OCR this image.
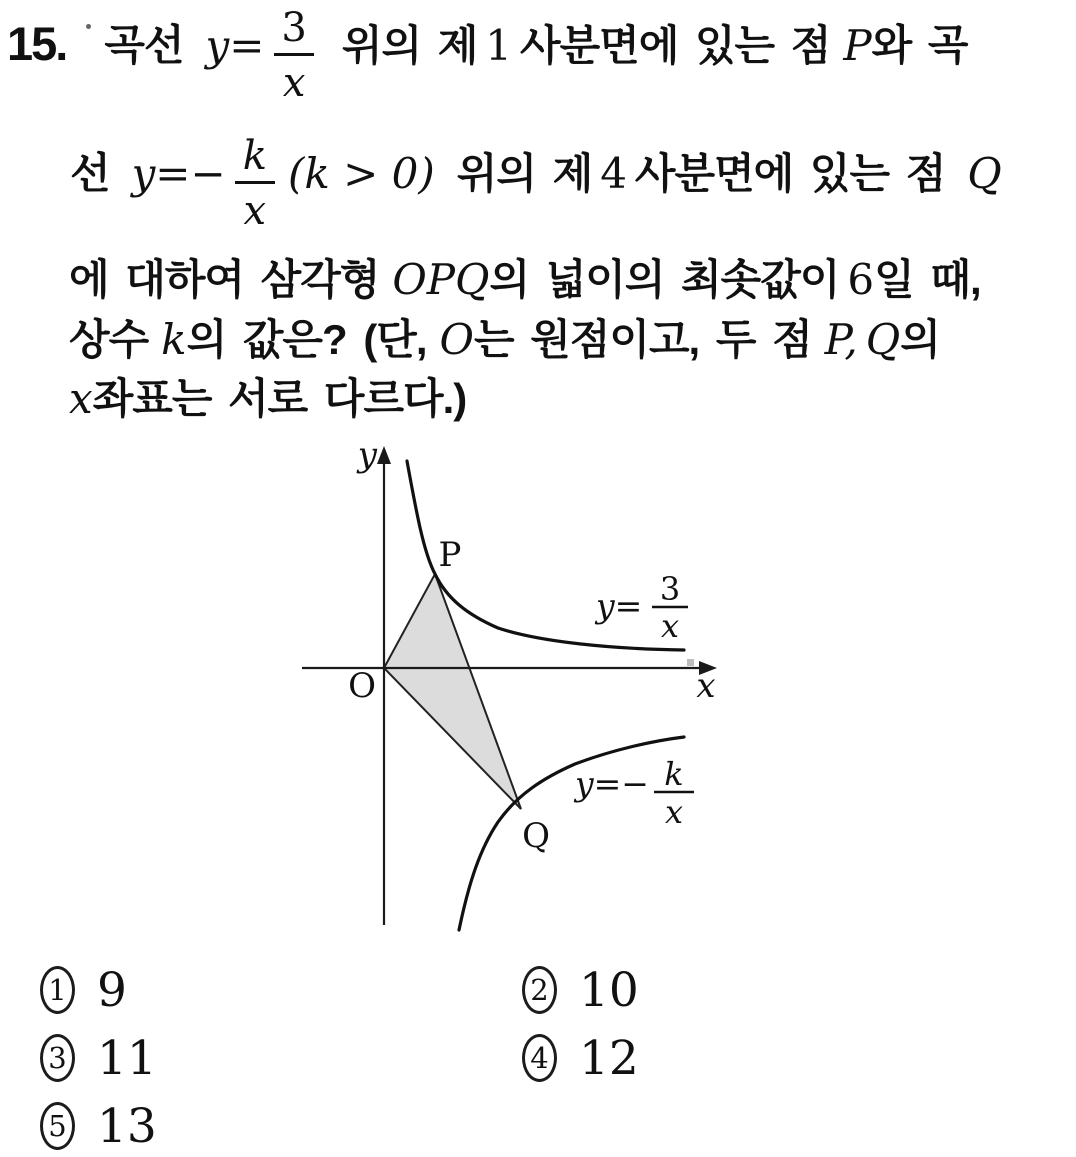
15. 곡선 $y= \frac{3}{x}$ 위의 제 1 사분면에 있는 점 P와 곡
선 $y=- \frac{k}{x} (k > 0)$ 위의 제 4 사분면에 있는 점 Q
에 대하여 삼각형 OPQ의 넓이의 최솟값이 6일 때,
상수 k의 값은? (단, O는 원점이고, 두 점 P, Q의
x좌표는 서로 다르다.)
y
x
O
P
Q
y= 3
x
y=− k
x
1 9	2 10
3 11	4 12
5 13
